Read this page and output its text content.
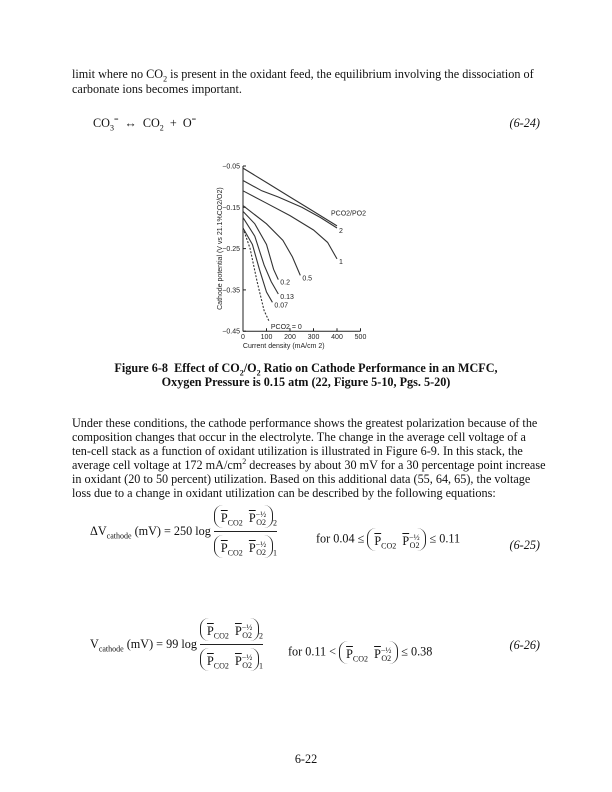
limit where no $CO_2$ is present in the oxidant feed, the equilibrium involving the dissociation of
carbonate ions becomes important.
$CO_3^=$ ↔ $CO_2 + O^=$	(6-24)
0 100 200 300 400 500
−0.05
−0.15
−0.25
−0.35
−0.45
Current density (mA/cm 2)
Cathode potential (V vs 21.1%CO2/O2)	PCO2/PO2
2
1
0.5
0.2
0.13
0.07
PCO2 = 0
Figure 6-8  Effect of $CO_2/O_2$ Ratio on Cathode Performance in an MCFC,
Oxygen Pressure is 0.15 atm (22, Figure 5-10, Pgs. 5-20)
Under these conditions, the cathode performance shows the greatest polarization because of the
composition changes that occur in the electrolyte. The change in the average cell voltage of a
ten-cell stack as a function of oxidant utilization is illustrated in Figure 6-9. In this stack, the
average cell voltage at 172 $mA/cm^2$ decreases by about 30 mV for a 30 percentage point increase
in oxidant (20 to 50 percent) utilization. Based on this additional data (55, 64, 65), the voltage
loss due to a change in oxidant utilization can be described by the following equations:
$\Delta V_{cathode}$ (mV) = 250 $\log \frac{\overline{P}_{CO2} \overline{P}^{-\frac{1}{2}}_{O2} _2}{\overline{P}_{CO2} \overline{P}^{-\frac{1}{2}}_{O2} _1}$	for $0.04 \le \overline{P}_{CO2}$ $\overline{P}^{-\frac{1}{2}}_{O2} \le 0.11$	(6-25)
$V_{cathode}$ (mV) = 99 $\log \frac{\overline{P}_{CO2} \overline{P}^{-\frac{1}{2}}_{O2} _2}{\overline{P}_{CO2} \overline{P}^{-\frac{1}{2}}_{O2} _1}$ for $0.11 < \overline{P}_{CO2}$ $\overline{P}^{-\frac{1}{2}}_{O2} \le 0.38$	(6-26)
6-22
